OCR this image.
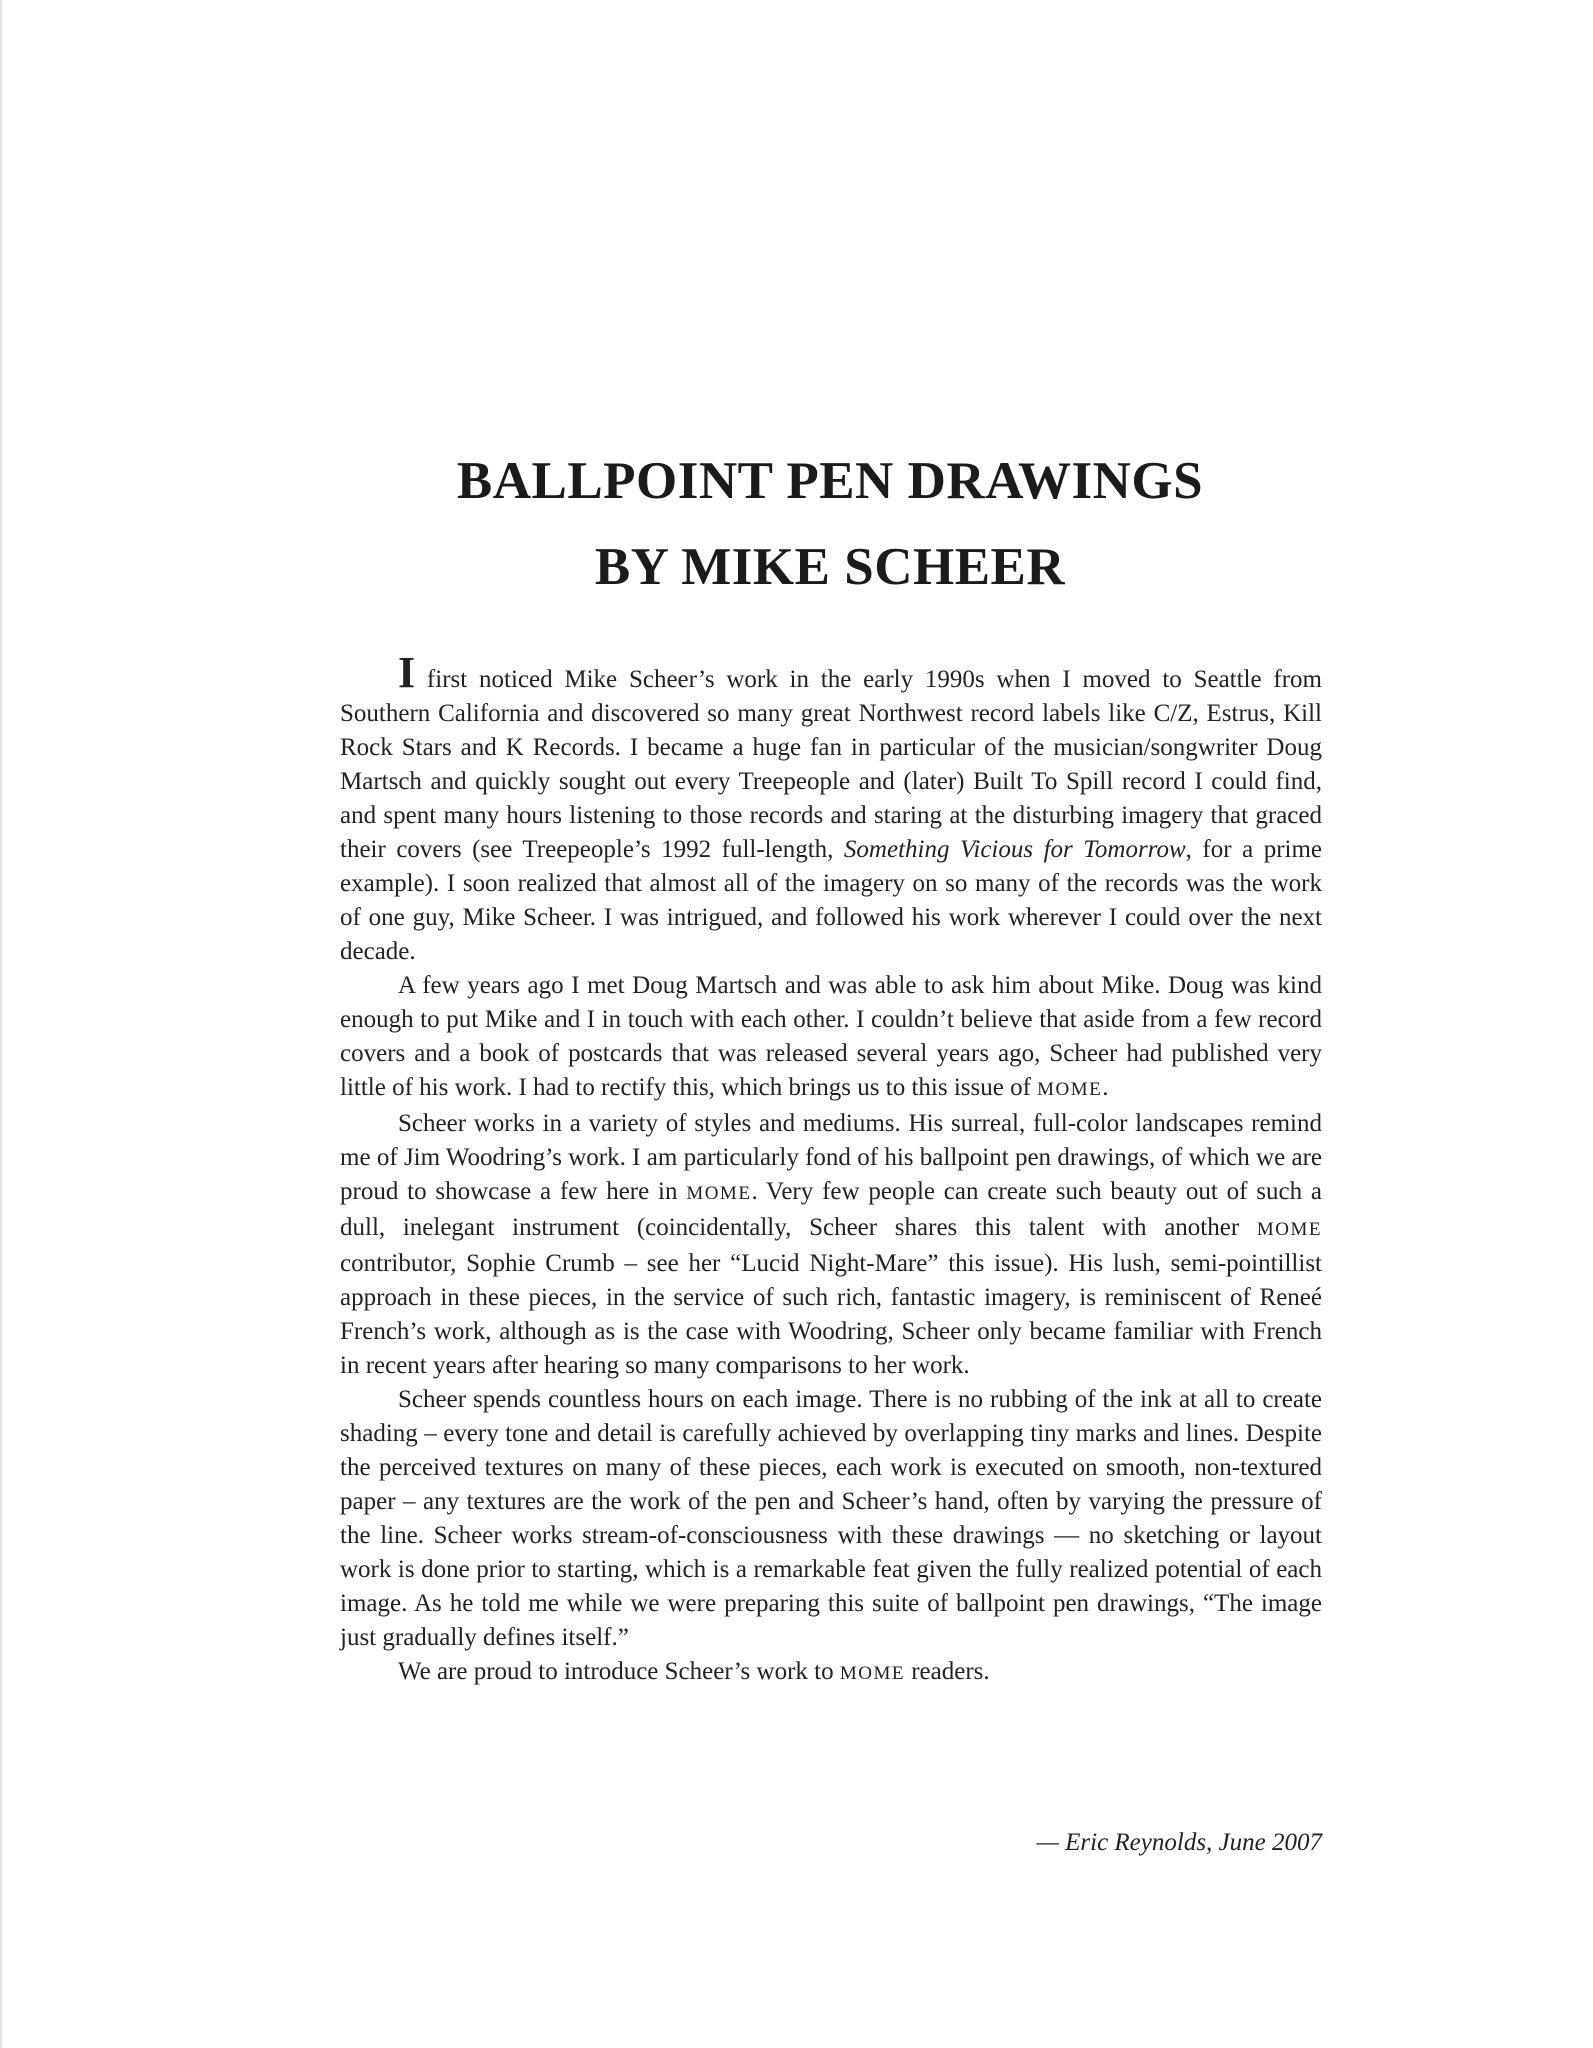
BALLPOINT PEN DRAWINGS
BY MIKE SCHEER

I first noticed Mike Scheer’s work in the early 1990s when I moved to Seattle from Southern California and discovered so many great Northwest record labels like C/Z, Estrus, Kill Rock Stars and K Records. I became a huge fan in particular of the musician/songwriter Doug Martsch and quickly sought out every Treepeople and (later) Built To Spill record I could find, and spent many hours listening to those records and staring at the disturbing imagery that graced their covers (see Treepeople’s 1992 full-length, Something Vicious for Tomorrow, for a prime example). I soon realized that almost all of the imagery on so many of the records was the work of one guy, Mike Scheer. I was intrigued, and followed his work wherever I could over the next decade.

A few years ago I met Doug Martsch and was able to ask him about Mike. Doug was kind enough to put Mike and I in touch with each other. I couldn’t believe that aside from a few record covers and a book of postcards that was released several years ago, Scheer had published very little of his work. I had to rectify this, which brings us to this issue of MOME.

Scheer works in a variety of styles and mediums. His surreal, full-color landscapes remind me of Jim Woodring’s work. I am particularly fond of his ballpoint pen drawings, of which we are proud to showcase a few here in MOME. Very few people can create such beauty out of such a dull, inelegant instrument (coincidentally, Scheer shares this talent with another MOME contributor, Sophie Crumb – see her “Lucid Night-Mare” this issue). His lush, semi-pointillist approach in these pieces, in the service of such rich, fantastic imagery, is reminiscent of Reneé French’s work, although as is the case with Woodring, Scheer only became familiar with French in recent years after hearing so many comparisons to her work.

Scheer spends countless hours on each image. There is no rubbing of the ink at all to create shading – every tone and detail is carefully achieved by overlapping tiny marks and lines. Despite the perceived textures on many of these pieces, each work is executed on smooth, non-textured paper – any textures are the work of the pen and Scheer’s hand, often by varying the pressure of the line. Scheer works stream-of-consciousness with these drawings — no sketching or layout work is done prior to starting, which is a remarkable feat given the fully realized potential of each image. As he told me while we were preparing this suite of ballpoint pen drawings, “The image just gradually defines itself.”

We are proud to introduce Scheer’s work to MOME readers.

— Eric Reynolds, June 2007
